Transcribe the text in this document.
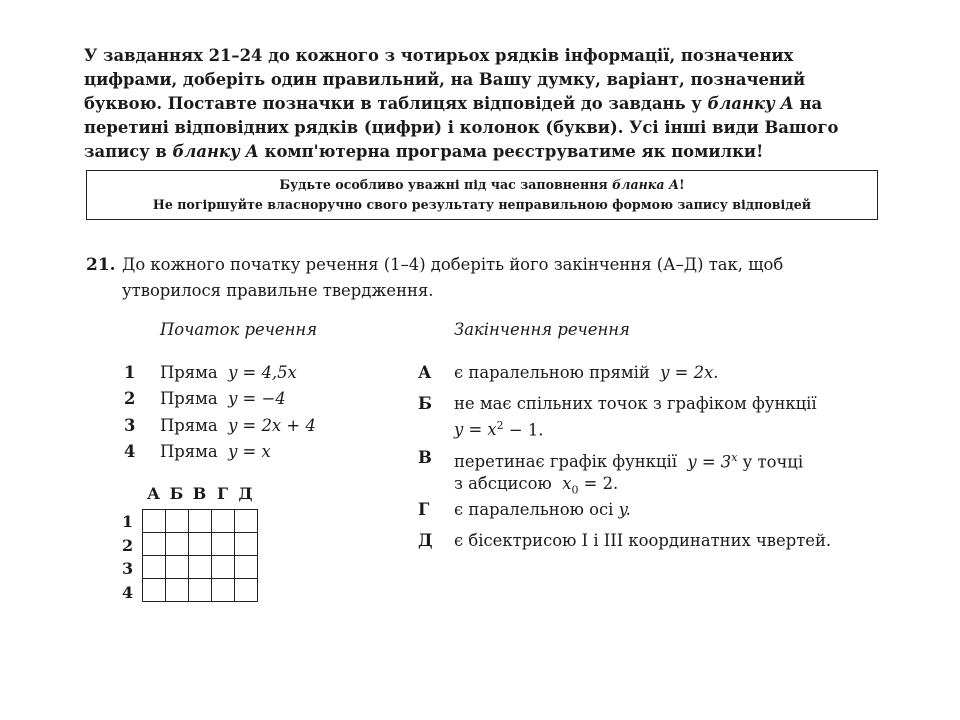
У завданнях 21–24 до кожного з чотирьох рядків інформації, позначених

цифрами, доберіть один правильний, на Вашу думку, варіант, позначений

буквою. Поставте позначки в таблицях відповідей до завдань у бланку А на

перетині відповідних рядків (цифри) і колонок (букви). Усі інші види Вашого

запису в бланку А комп'ютерна програма реєструватиме як помилки!

Будьте особливо уважні під час заповнення бланка А!
Не погіршуйте власноручно свого результату неправильною формою запису відповідей
21. До кожного початку речення (1–4) доберіть його закінчення (А–Д) так, щоб

утворилося правильне твердження.

Початок речення	Закінчення речення
1 Пряма y = 4,5x
2 Пряма y = −4
3 Пряма y = 2x + 4
4 Пряма y = x
А є паралельною прямій y = 2x.
Б не має спільних точок з графіком функції
$y = x^2 - 1$.
В перетинає графік функції $y = 3^x$ у точці
з абсцисою $x_0 = 2$.
Г є паралельною осі y.
Д є бісектрисою I і III координатних чвертей.
А Б В Г Д
1
2
3
4
